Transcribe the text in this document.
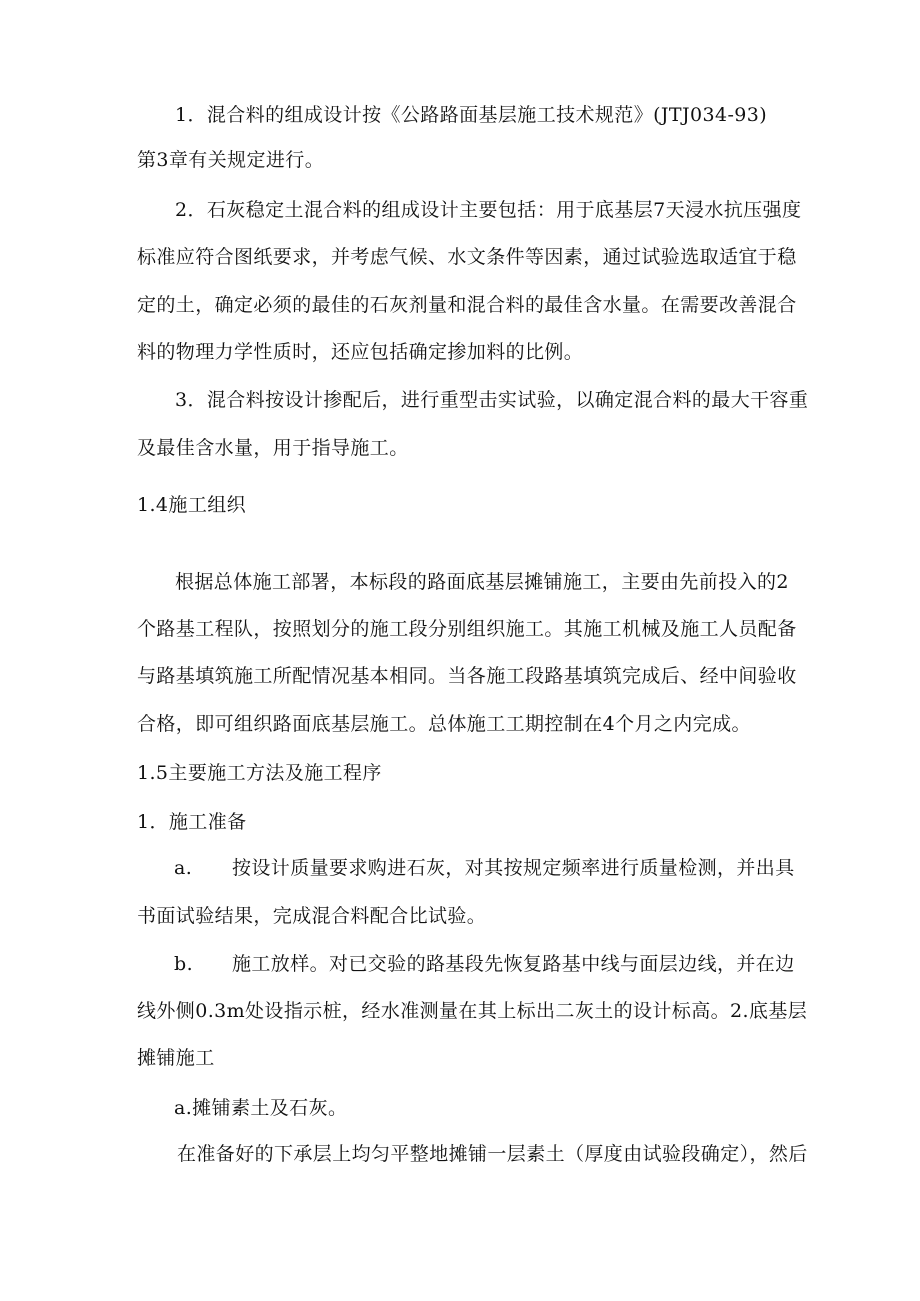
1．混合料的组成设计按《公路路面基层施工技术规范》(JTJ034-93)
第3章有关规定进行。
2．石灰稳定土混合料的组成设计主要包括：用于底基层7天浸水抗压强度
标准应符合图纸要求，并考虑气候、水文条件等因素，通过试验选取适宜于稳
定的土，确定必须的最佳的石灰剂量和混合料的最佳含水量。在需要改善混合
料的物理力学性质时，还应包括确定掺加料的比例。
3．混合料按设计掺配后，进行重型击实试验，以确定混合料的最大干容重
及最佳含水量，用于指导施工。
1.4施工组织
根据总体施工部署，本标段的路面底基层摊铺施工，主要由先前投入的2
个路基工程队，按照划分的施工段分别组织施工。其施工机械及施工人员配备
与路基填筑施工所配情况基本相同。当各施工段路基填筑完成后、经中间验收
合格，即可组织路面底基层施工。总体施工工期控制在4个月之内完成。
1.5主要施工方法及施工程序
1．施工准备
a. 按设计质量要求购进石灰，对其按规定频率进行质量检测，并出具
书面试验结果，完成混合料配合比试验。
b. 施工放样。对已交验的路基段先恢复路基中线与面层边线，并在边
线外侧0.3m处设指示桩，经水准测量在其上标出二灰土的设计标高。2.底基层
摊铺施工
a.摊铺素土及石灰。
在准备好的下承层上均匀平整地摊铺一层素土（厚度由试验段确定），然后
